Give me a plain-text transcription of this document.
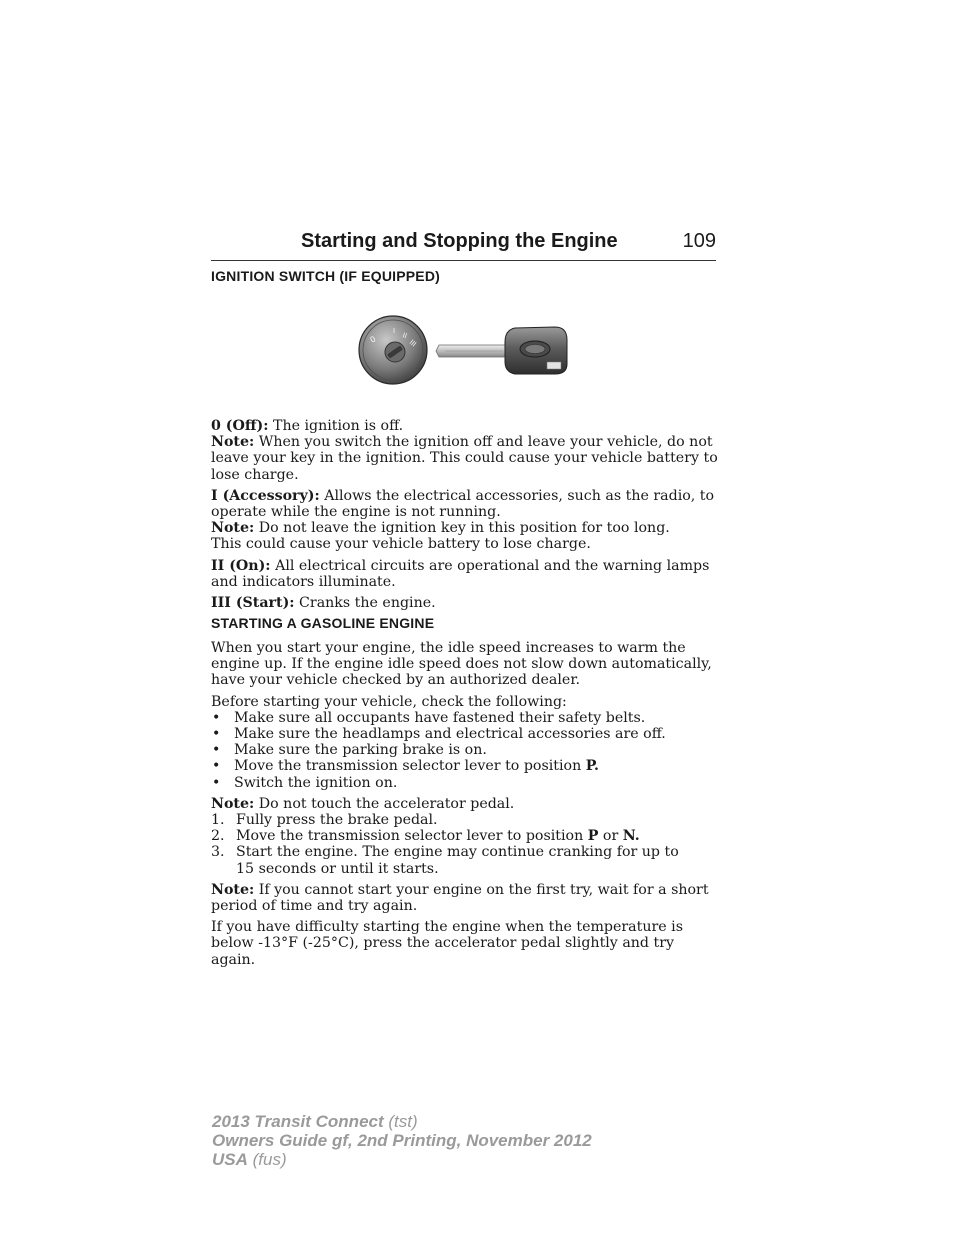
Starting and Stopping the Engine	109
IGNITION SWITCH (IF EQUIPPED)
0
I
II
III

0 (Off): The ignition is off.

Note: When you switch the ignition off and leave your vehicle, do not leave your key in the ignition. This could cause your vehicle battery to lose charge.

I (Accessory): Allows the electrical accessories, such as the radio, to operate while the engine is not running.

Note: Do not leave the ignition key in this position for too long.
This could cause your vehicle battery to lose charge.

II (On): All electrical circuits are operational and the warning lamps and indicators illuminate.

III (Start): Cranks the engine.

STARTING A GASOLINE ENGINE

When you start your engine, the idle speed increases to warm the engine up. If the engine idle speed does not slow down automatically, have your vehicle checked by an authorized dealer.

Before starting your vehicle, check the following:

• Make sure all occupants have fastened their safety belts.
• Make sure the headlamps and electrical accessories are off.
• Make sure the parking brake is on.
• Move the transmission selector lever to position P.
• Switch the ignition on.

Note: Do not touch the accelerator pedal.

1. Fully press the brake pedal.
2. Move the transmission selector lever to position P or N.
3. Start the engine. The engine may continue cranking for up to
15 seconds or until it starts.

Note: If you cannot start your engine on the first try, wait for a short period of time and try again.

If you have difficulty starting the engine when the temperature is below -13°F (-25°C), press the accelerator pedal slightly and try again.

2013 Transit Connect (tst)
Owners Guide gf, 2nd Printing, November 2012
USA (fus)
